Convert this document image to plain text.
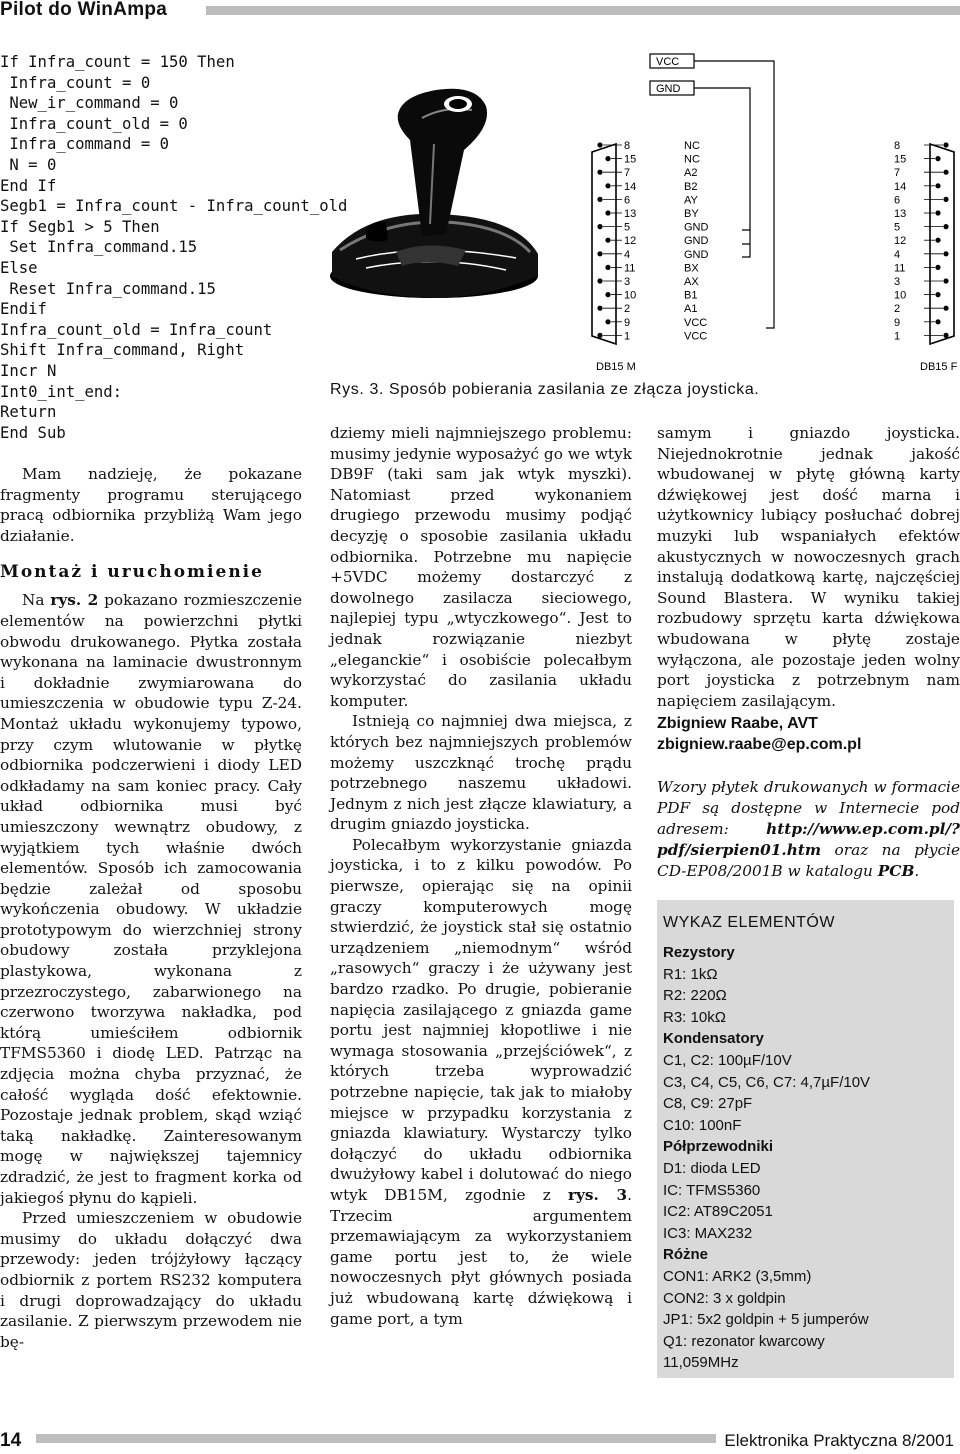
Pilot do WinAmpa
If Infra_count = 150 Then
Infra_count = 0
New_ir_command = 0
Infra_count_old = 0
Infra_command = 0
N = 0
End If
Segb1 = Infra_count - Infra_count_old
If Segb1 > 5 Then
Set Infra_command.15
Else
Reset Infra_command.15
Endif
Infra_count_old = Infra_count
Shift Infra_command, Right
Incr N
Int0_int_end:
Return
End Sub

Mam nadzieję, że pokazane fragmenty programu sterującego pracą odbiornika przybliżą Wam jego działanie.

Montaż i uruchomienie

Na rys. 2 pokazano rozmieszczenie elementów na powierzchni płytki obwodu drukowanego. Płytka została wykonana na laminacie dwustronnym i dokładnie zwymiarowana do umieszczenia w obudowie typu Z-24. Montaż układu wykonujemy typowo, przy czym wlutowanie w płytkę odbiornika podczerwieni i diody LED odkładamy na sam koniec pracy. Cały układ odbiornika musi być umieszczony wewnątrz obudowy, z wyjątkiem tych właśnie dwóch elementów. Sposób ich zamocowania będzie zależał od sposobu wykończenia obudowy. W układzie prototypowym do wierzchniej strony obudowy została przyklejona plastykowa, wykonana z przezroczystego, zabarwionego na czerwono tworzywa nakładka, pod którą umieściłem odbiornik TFMS5360 i diodę LED. Patrząc na zdjęcia można chyba przyznać, że całość wygląda dość efektownie. Pozostaje jednak problem, skąd wziąć taką nakładkę. Zainteresowanym mogę w największej tajemnicy zdradzić, że jest to fragment korka od jakiegoś płynu do kąpieli.

Przed umieszczeniem w obudowie musimy do układu dołączyć dwa przewody: jeden trójżyłowy łączący odbiornik z portem RS232 komputera i drugi doprowadzający do układu zasilanie. Z pierwszym przewodem nie bę-

8	NC	8
15	NC	15
7	A2	7
14	B2	14
6	AY	6
13	BY	13
5	GND	5
12	GND	12
4	GND	4
11	BX	11
3	AX	3
10	B1	10
2	A1	2
9	VCC	9
1	VCC	1
VCC
GND
DB15 M	DB15 F
Rys. 3. Sposób pobierania zasilania ze złącza joysticka.

dziemy mieli najmniejszego problemu: musimy jedynie wyposażyć go we wtyk DB9F (taki sam jak wtyk myszki). Natomiast przed wykonaniem drugiego przewodu musimy podjąć decyzję o sposobie zasilania układu odbiornika. Potrzebne mu napięcie +5VDC możemy dostarczyć z dowolnego zasilacza sieciowego, najlepiej typu „wtyczkowego“. Jest to jednak rozwiązanie niezbyt „eleganckie“ i osobiście polecałbym wykorzystać do zasilania układu komputer.

Istnieją co najmniej dwa miejsca, z których bez najmniejszych problemów możemy uszczknąć trochę prądu potrzebnego naszemu układowi. Jednym z nich jest złącze klawiatury, a drugim gniazdo joysticka.

Polecałbym wykorzystanie gniazda joysticka, i to z kilku powodów. Po pierwsze, opierając się na opinii graczy komputerowych mogę stwierdzić, że joystick stał się ostatnio urządzeniem „niemodnym“ wśród „rasowych“ graczy i że używany jest bardzo rzadko. Po drugie, pobieranie napięcia zasilającego z gniazda game portu jest najmniej kłopotliwe i nie wymaga stosowania „przejściówek“, z których trzeba wyprowadzić potrzebne napięcie, tak jak to miałoby miejsce w przypadku korzystania z gniazda klawiatury. Wystarczy tylko dołączyć do układu odbiornika dwużyłowy kabel i dolutować do niego wtyk DB15M, zgodnie z rys. 3. Trzecim argumentem przemawiającym za wykorzystaniem game portu jest to, że wiele nowoczesnych płyt głównych posiada już wbudowaną kartę dźwiękową i game port, a tym

samym i gniazdo joysticka. Niejednokrotnie jednak jakość wbudowanej w płytę główną karty dźwiękowej jest dość marna i użytkownicy lubiący posłuchać dobrej muzyki lub wspaniałych efektów akustycznych w nowoczesnych grach instalują dodatkową kartę, najczęściej Sound Blastera. W wyniku takiej rozbudowy sprzętu karta dźwiękowa wbudowana w płytę zostaje wyłączona, ale pozostaje jeden wolny port joysticka z potrzebnym nam napięciem zasilającym.

Zbigniew Raabe, AVT
zbigniew.raabe@ep.com.pl
Wzory płytek drukowanych w formacie PDF są dostępne w Internecie pod adresem: http://www.ep.com.pl/?pdf/sierpien01.htm oraz na płycie CD-EP08/2001B w katalogu PCB.
WYKAZ ELEMENTÓW
Rezystory
R1: 1kΩ
R2: 220Ω
R3: 10kΩ
Kondensatory
C1, C2: 100µF/10V
C3, C4, C5, C6, C7: 4,7µF/10V
C8, C9: 27pF
C10: 100nF
Półprzewodniki
D1: dioda LED
IC: TFMS5360
IC2: AT89C2051
IC3: MAX232
Różne
CON1: ARK2 (3,5mm)
CON2: 3 x goldpin
JP1: 5x2 goldpin + 5 jumperów
Q1: rezonator kwarcowy
11,059MHz
14	Elektronika Praktyczna 8/2001
